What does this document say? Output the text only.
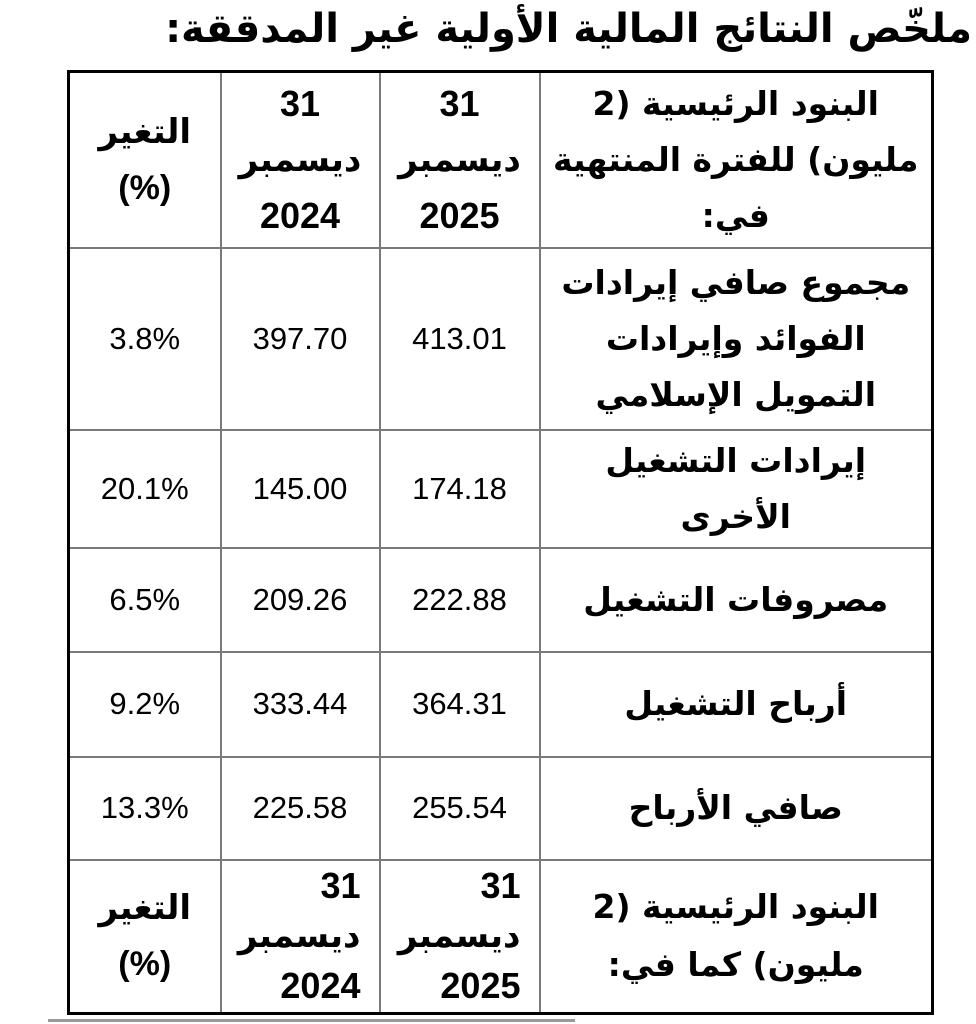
ملخّص النتائج المالية الأولية غير المدققة:
البنود الرئيسية (2 مليون) للفترة المنتهية في:	31
ديسمبر
2025	31
ديسمبر
2024	التغير
(%)

مجموع صافي إيرادات الفوائد وإيرادات التمويل الإسلامي	413.01	397.70	3.8%
إيرادات التشغيل الأخرى	174.18	145.00	20.1%
مصروفات التشغيل	222.88	209.26	6.5%
أرباح التشغيل	364.31	333.44	9.2%
صافي الأرباح	255.54	225.58	13.3%
البنود الرئيسية (2 مليون) كما في:	31
ديسمبر
2025	31
ديسمبر
2024	التغير
(%)
